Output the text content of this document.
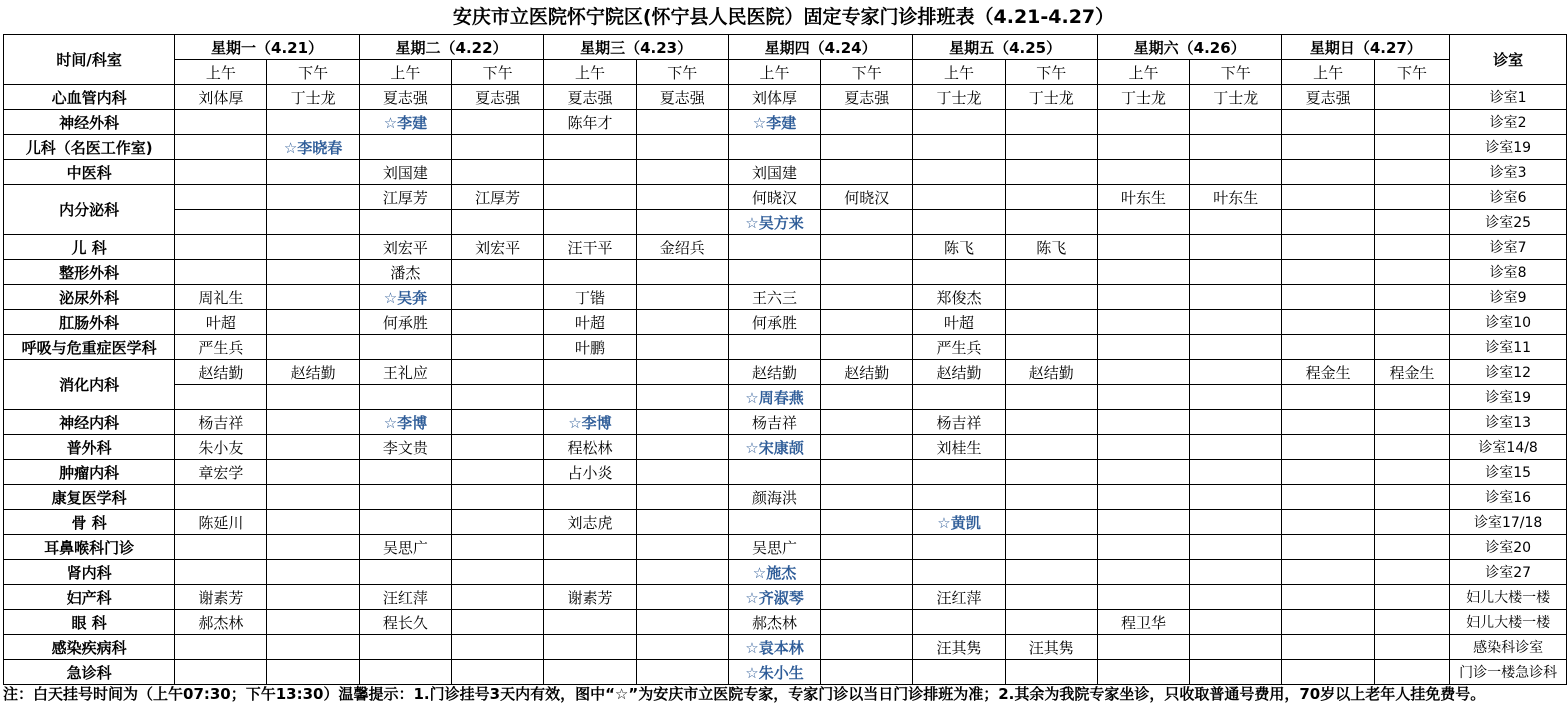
安庆市立医院怀宁院区(怀宁县人民医院）固定专家门诊排班表（4.21-4.27）
时间/科室	星期一（4.21）		星期二（4.22）		星期三（4.23）		星期四（4.24）		星期五（4.25）		星期六（4.26）		星期日（4.27）		诊室
	上午	下午	上午	下午	上午	下午	上午	下午	上午	下午	上午	下午	上午	下午	
心血管内科	刘体厚	丁士龙	夏志强	夏志强	夏志强	夏志强	刘体厚	夏志强	丁士龙	丁士龙	丁士龙	丁士龙	夏志强		诊室1
神经外科			☆李建		陈年才		☆李建								诊室2
儿科（名医工作室)		☆李晓春													诊室19
中医科			刘国建				刘国建								诊室3
内分泌科			江厚芳	江厚芳			何晓汉	何晓汉			叶东生	叶东生			诊室6
							☆吴方来								诊室25
儿 科			刘宏平	刘宏平	汪干平	金绍兵			陈飞	陈飞					诊室7
整形外科			潘杰												诊室8
泌尿外科	周礼生		☆吴奔		丁锴		王六三		郑俊杰						诊室9
肛肠外科	叶超		何承胜		叶超		何承胜		叶超						诊室10
呼吸与危重症医学科	严生兵				叶鹏				严生兵						诊室11
消化内科	赵结勤	赵结勤	王礼应				赵结勤	赵结勤	赵结勤	赵结勤			程金生	程金生	诊室12
							☆周春燕								诊室19
神经内科	杨吉祥		☆李博		☆李博		杨吉祥		杨吉祥						诊室13
普外科	朱小友		李文贵		程松林		☆宋康颉		刘桂生						诊室14/8
肿瘤内科	章宏学				占小炎										诊室15
康复医学科							颜海洪								诊室16
骨 科	陈延川				刘志虎				☆黄凯						诊室17/18
耳鼻喉科门诊			吴思广				吴思广								诊室20
肾内科							☆施杰								诊室27
妇产科	谢素芳		汪红萍		谢素芳		☆齐淑琴		汪红萍						妇儿大楼一楼
眼 科	郝杰林		程长久				郝杰林				程卫华				妇儿大楼一楼
感染疾病科							☆袁本林		汪其隽	汪其隽					感染科诊室
急诊科							☆朱小生								门诊一楼急诊科
注：白天挂号时间为（上午07:30；下午13:30）温馨提示：1.门诊挂号3天内有效，图中“☆”为安庆市立医院专家，专家门诊以当日门诊排班为准；2.其余为我院专家坐诊，只收取普通号费用，70岁以上老年人挂免费号。
